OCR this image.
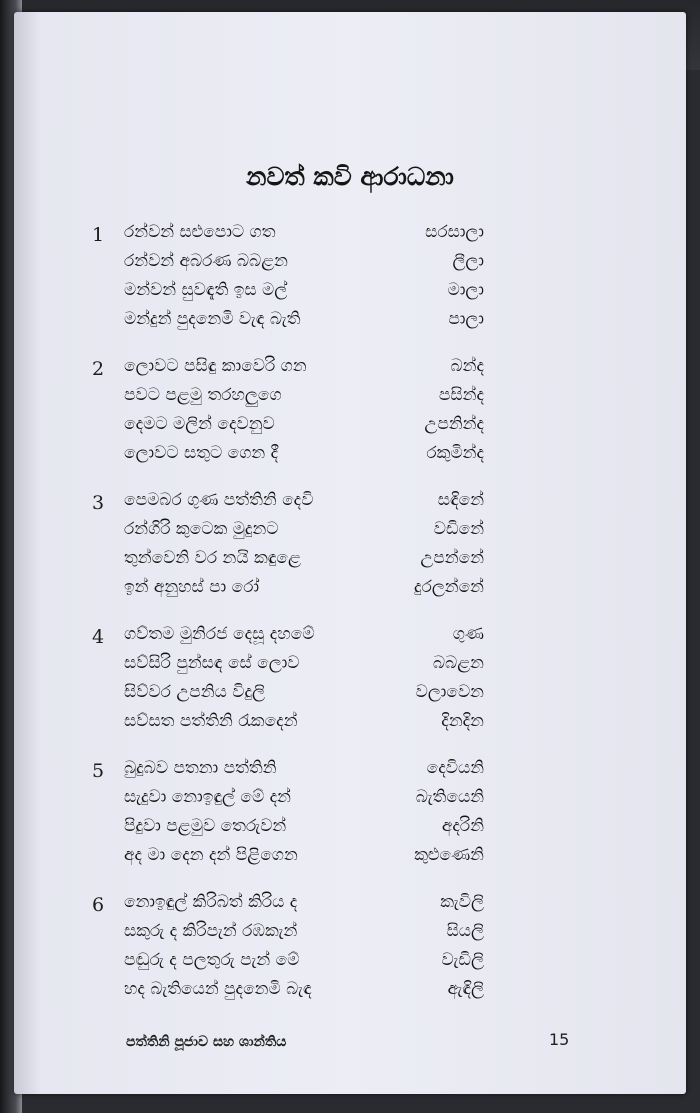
නවත් කවි ආරාධනා
1 රන්වන් සළුපොට ගත	සරසාලා
රන්වන් අබරණ බබළන	ලීලා
මන්වන් සුවඳැති ඉස මල්	මාලා
මන්දුන් පුදනෙමි වැඳ බැති	පාලා
2 ලොවට පසිඳු කාවෙරි ගන	බන්ද
පවට පළමු තරහලුගෙ	පසින්ද
දෙමට මලින් දෙවනුව	උපනින්ද
ලොවට සතුට ගෙන දී	රකුමින්ද
3 පෙමබර ගුණ පත්තිනි දෙවි	සඳිනේ
රන්ගිරි කුටෙක මුදුනට	වඩිනේ
තුන්වෙනි වර නයි කඳුළෙ	උපන්නේ
ඉන් අනුහස් පා රෝ	දුරලන්නේ
4 ගව්තම මුනිරජ දෙසූ දහමේ	ගුණ
සව්සිරි පුන්සඳ සේ ලොව	බබළන
සිව්වර උපනිය විදුලි	වලාවෙන
සව්සත පත්තිනි රැකදෙන්	දිනදින
5 බුදුබව පතනා පත්තිනි	දෙවියනි
සැදුවා නොඉඳුල් මේ දන්	බැතියෙනි
පිදුවා පළමුව තෙරුවන්	අදරිනි
අද මා දෙන දන් පිළිගෙන	කුළුණෙනි
6 නොඉඳුල් කිරිබත් කිරිය ද	කැවිලි
සකුරු ද කිරිපැන් රඹකැන්	සියලි
පඬුරු ද පලතුරු පැන් මේ	වැඩිලි
හද බැතියෙන් පුදනෙමි බැඳ	ඇඳිලි
පත්තිනි පූජාව සහ ශාන්තිය	15
